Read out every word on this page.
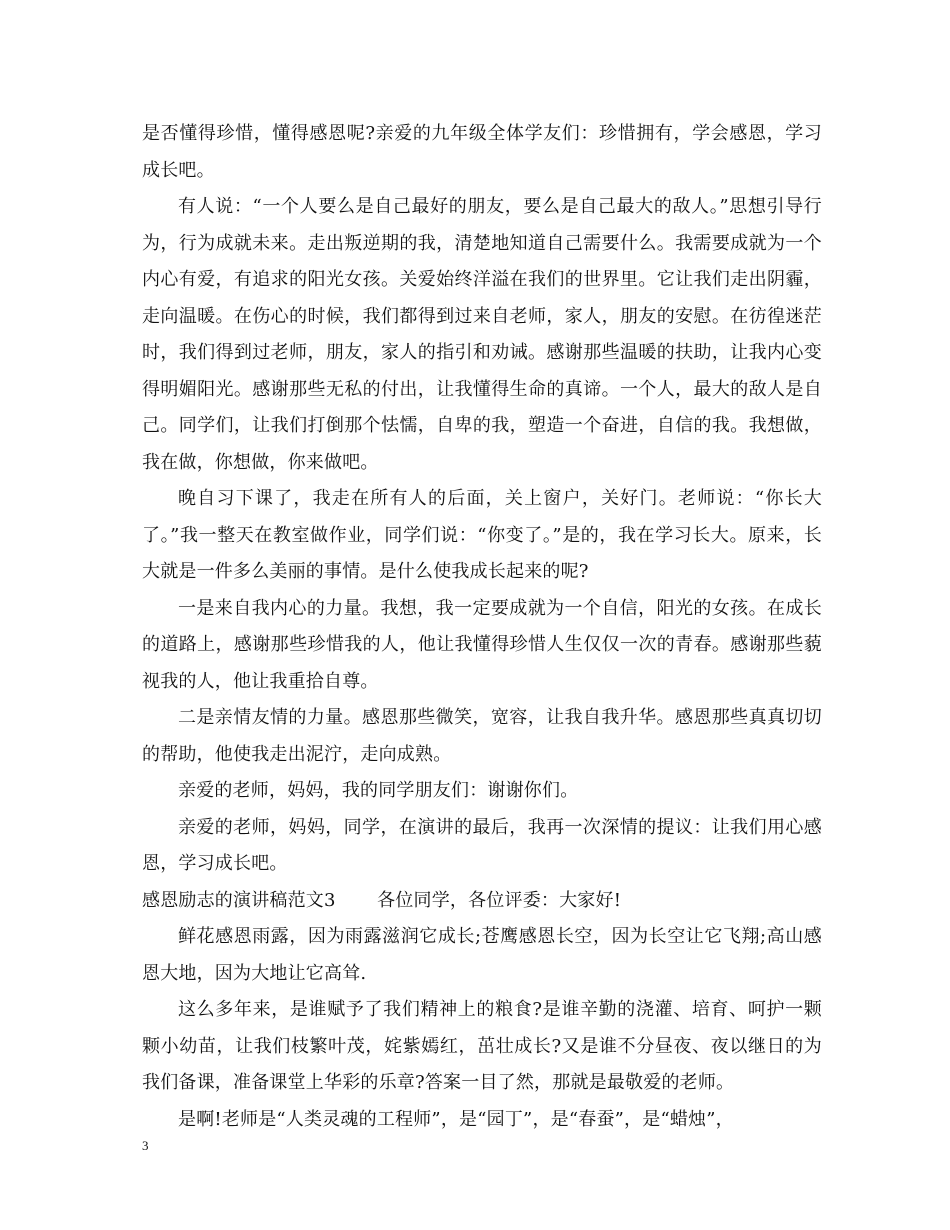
是否懂得珍惜，懂得感恩呢?亲爱的九年级全体学友们：珍惜拥有，学会感恩，学习成长吧。

有人说：“一个人要么是自己最好的朋友，要么是自己最大的敌人。”思想引导行为，行为成就未来。走出叛逆期的我，清楚地知道自己需要什么。我需要成就为一个内心有爱，有追求的阳光女孩。关爱始终洋溢在我们的世界里。它让我们走出阴霾，走向温暖。在伤心的时候，我们都得到过来自老师，家人，朋友的安慰。在彷徨迷茫时，我们得到过老师，朋友，家人的指引和劝诫。感谢那些温暖的扶助，让我内心变得明媚阳光。感谢那些无私的付出，让我懂得生命的真谛。一个人，最大的敌人是自己。同学们，让我们打倒那个怯懦，自卑的我，塑造一个奋进，自信的我。我想做，我在做，你想做，你来做吧。

晚自习下课了，我走在所有人的后面，关上窗户，关好门。老师说：“你长大了。”我一整天在教室做作业，同学们说：“你变了。”是的，我在学习长大。原来，长大就是一件多么美丽的事情。是什么使我成长起来的呢?

一是来自我内心的力量。我想，我一定要成就为一个自信，阳光的女孩。在成长的道路上，感谢那些珍惜我的人，他让我懂得珍惜人生仅仅一次的青春。感谢那些藐视我的人，他让我重拾自尊。

二是亲情友情的力量。感恩那些微笑，宽容，让我自我升华。感恩那些真真切切的帮助，他使我走出泥泞，走向成熟。

亲爱的老师，妈妈，我的同学朋友们：谢谢你们。

亲爱的老师，妈妈，同学，在演讲的最后，我再一次深情的提议：让我们用心感恩，学习成长吧。

感恩励志的演讲稿范文3       各位同学，各位评委：大家好!

鲜花感恩雨露，因为雨露滋润它成长;苍鹰感恩长空，因为长空让它飞翔;高山感恩大地，因为大地让它高耸.

这么多年来，是谁赋予了我们精神上的粮食?是谁辛勤的浇灌、培育、呵护一颗颗小幼苗，让我们枝繁叶茂，姹紫嫣红，茁壮成长?又是谁不分昼夜、夜以继日的为我们备课，准备课堂上华彩的乐章?答案一目了然，那就是最敬爱的老师。

是啊!老师是“人类灵魂的工程师”，是“园丁”，是“春蚕”，是“蜡烛”，

3
